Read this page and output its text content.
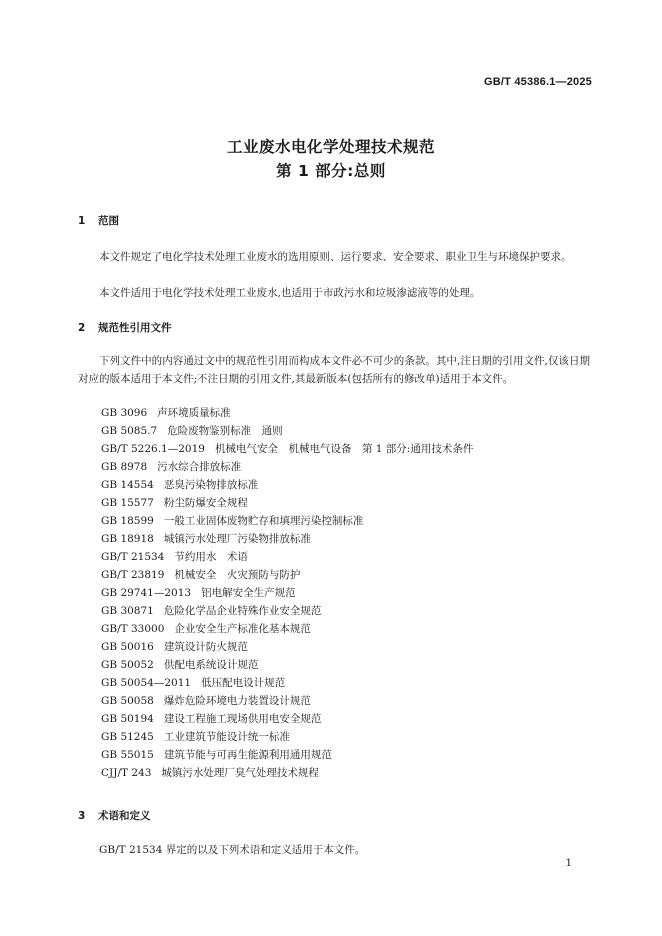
GB/T 45386.1—2025
工业废水电化学处理技术规范
第 1 部分:总则
1 范围
本文件规定了电化学技术处理工业废水的选用原则、运行要求、安全要求、职业卫生与环境保护要求。
本文件适用于电化学技术处理工业废水,也适用于市政污水和垃圾渗滤液等的处理。
2 规范性引用文件
下列文件中的内容通过文中的规范性引用而构成本文件必不可少的条款。其中,注日期的引用文件,仅该日期对应的版本适用于本文件;不注日期的引用文件,其最新版本(包括所有的修改单)适用于本文件。
GB 3096 声环境质量标准
GB 5085.7 危险废物鉴别标准　通则
GB/T 5226.1—2019 机械电气安全　机械电气设备　第 1 部分:通用技术条件
GB 8978 污水综合排放标准
GB 14554 恶臭污染物排放标准
GB 15577 粉尘防爆安全规程
GB 18599 一般工业固体废物贮存和填埋污染控制标准
GB 18918 城镇污水处理厂污染物排放标准
GB/T 21534 节约用水　术语
GB/T 23819 机械安全　火灾预防与防护
GB 29741—2013 铝电解安全生产规范
GB 30871 危险化学品企业特殊作业安全规范
GB/T 33000 企业安全生产标准化基本规范
GB 50016 建筑设计防火规范
GB 50052 供配电系统设计规范
GB 50054—2011 低压配电设计规范
GB 50058 爆炸危险环境电力装置设计规范
GB 50194 建设工程施工现场供用电安全规范
GB 51245 工业建筑节能设计统一标准
GB 55015 建筑节能与可再生能源利用通用规范
CJJ/T 243 城镇污水处理厂臭气处理技术规程
3 术语和定义
GB/T 21534 界定的以及下列术语和定义适用于本文件。
1
